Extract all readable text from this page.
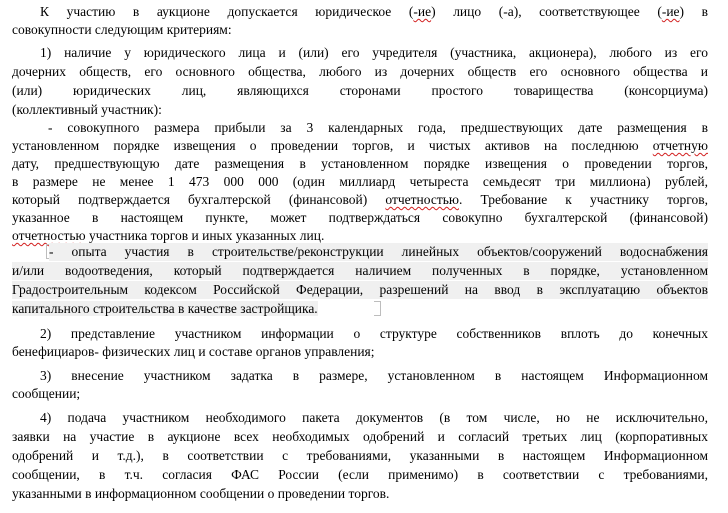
К участию в аукционе допускается юридическое (-ие) лицо (-а), соответствующее (-ие) в
совокупности следующим критериям:
1) наличие у юридического лица и (или) его учредителя (участника, акционера), любого из его
дочерних обществ, его основного общества, любого из дочерних обществ его основного общества и
(или) юридических лиц, являющихся сторонами простого товарищества (консорциума)
(коллективный участник):
- совокупного размера прибыли за 3 календарных года, предшествующих дате размещения в
установленном порядке извещения о проведении торгов, и чистых активов на последнюю отчетную
дату, предшествующую дате размещения в установленном порядке извещения о проведении торгов,
в размере не менее 1 473 000 000 (один миллиард четыреста семьдесят три миллиона) рублей,
который подтверждается бухгалтерской (финансовой) отчетностью. Требование к участнику торгов,
указанное в настоящем пункте, может подтверждаться совокупно бухгалтерской (финансовой)
отчетностью участника торгов и иных указанных лиц.
- опыта участия в строительстве/реконструкции линейных объектов/сооружений водоснабжения
и/или водоотведения, который подтверждается наличием полученных в порядке, установленном
Градостроительным кодексом Российской Федерации, разрешений на ввод в эксплуатацию объектов
капитального строительства в качестве застройщика.
2) представление участником информации о структуре собственников вплоть до конечных
бенефициаров- физических лиц и составе органов управления;
3) внесение участником задатка в размере, установленном в настоящем Информационном
сообщении;
4) подача участником необходимого пакета документов (в том числе, но не исключительно,
заявки на участие в аукционе всех необходимых одобрений и согласий третьих лиц (корпоративных
одобрений и т.д.), в соответствии с требованиями, указанными в настоящем Информационном
сообщении, в т.ч. согласия ФАС России (если применимо) в соответствии с требованиями,
указанными в информационном сообщении о проведении торгов.
